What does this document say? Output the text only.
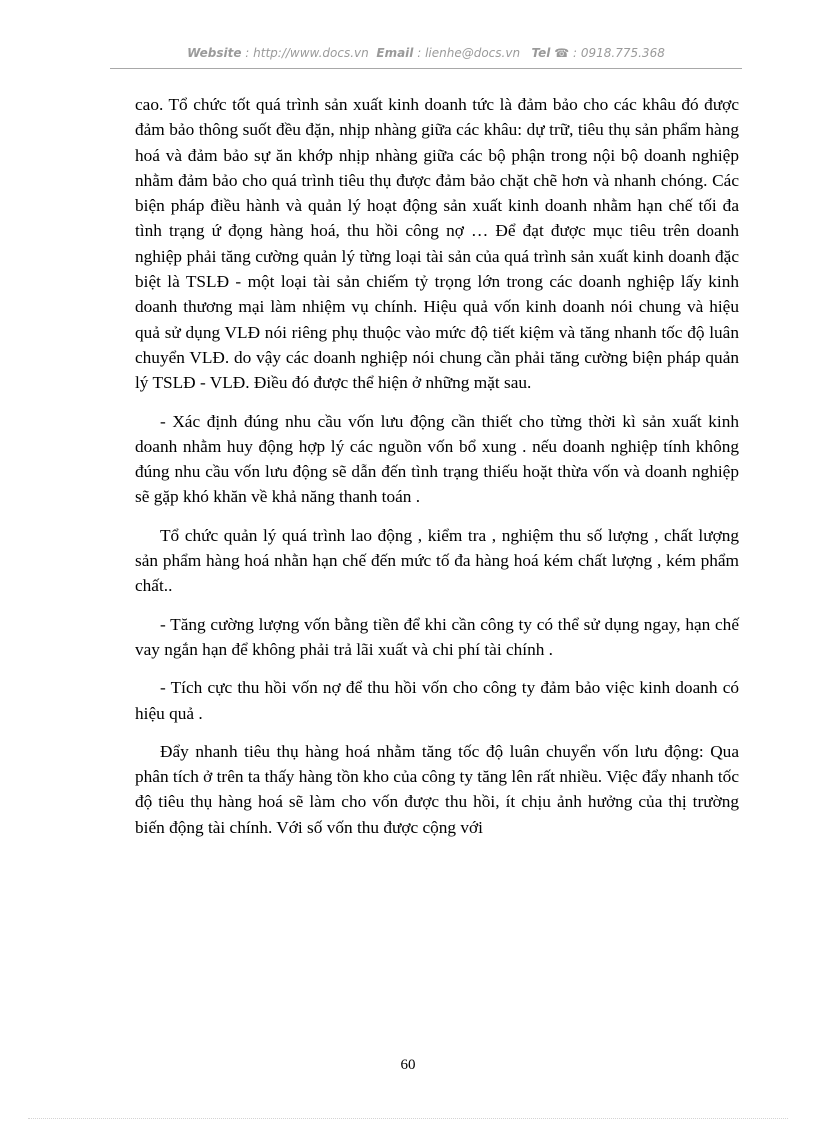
Website : http://www.docs.vn Email : lienhe@docs.vn Tel ☎ : 0918.775.368

cao. Tổ chức tốt quá trình sản xuất kinh doanh tức là đảm bảo cho các khâu đó được đảm bảo thông suốt đều đặn, nhịp nhàng giữa các khâu: dự trữ, tiêu thụ sản phẩm hàng hoá và đảm bảo sự ăn khớp nhịp nhàng giữa các bộ phận trong nội bộ doanh nghiệp nhằm đảm bảo cho quá trình tiêu thụ được đảm bảo chặt chẽ hơn và nhanh chóng. Các biện pháp điều hành và quản lý hoạt động sản xuất kinh doanh nhằm hạn chế tối đa tình trạng ứ đọng hàng hoá, thu hồi công nợ … Để đạt được mục tiêu trên doanh nghiệp phải tăng cường quản lý từng loại tài sản của quá trình sản xuất kinh doanh đặc biệt là TSLĐ - một loại tài sản chiếm tỷ trọng lớn trong các doanh nghiệp lấy kinh doanh thương mại làm nhiệm vụ chính. Hiệu quả vốn kinh doanh nói chung và hiệu quả sử dụng VLĐ nói riêng phụ thuộc vào mức độ tiết kiệm và tăng nhanh tốc độ luân chuyển VLĐ. do vậy các doanh nghiệp nói chung cần phải tăng cường biện pháp quản lý TSLĐ - VLĐ. Điều đó được thể hiện ở những mặt sau.

- Xác định đúng nhu cầu vốn lưu động cần thiết cho từng thời kì sản xuất kinh doanh nhằm huy động hợp lý các nguồn vốn bổ xung . nếu doanh nghiệp tính không đúng nhu cầu vốn lưu động sẽ dẫn đến tình trạng thiếu hoặt thừa vốn và doanh nghiệp sẽ gặp khó khăn về khả năng thanh toán .

Tổ chức quản lý quá trình lao động , kiểm tra , nghiệm thu số lượng , chất lượng sản phẩm hàng hoá nhằn hạn chế đến mức tố đa hàng hoá kém chất lượng , kém phẩm chất..

- Tăng cường lượng vốn bằng tiền để khi cần công ty có thể sử dụng ngay, hạn chế vay ngắn hạn để không phải trả lãi xuất và chi phí tài chính .

- Tích cực thu hồi vốn nợ để thu hồi vốn cho công ty đảm bảo việc kinh doanh có hiệu quả .

Đẩy nhanh tiêu thụ hàng hoá nhằm tăng tốc độ luân chuyển vốn lưu động: Qua phân tích ở trên ta thấy hàng tồn kho của công ty tăng lên rất nhiều. Việc đẩy nhanh tốc độ tiêu thụ hàng hoá sẽ làm cho vốn được thu hồi, ít chịu ảnh hưởng của thị trường biến động tài chính. Với số vốn thu được cộng với

60
